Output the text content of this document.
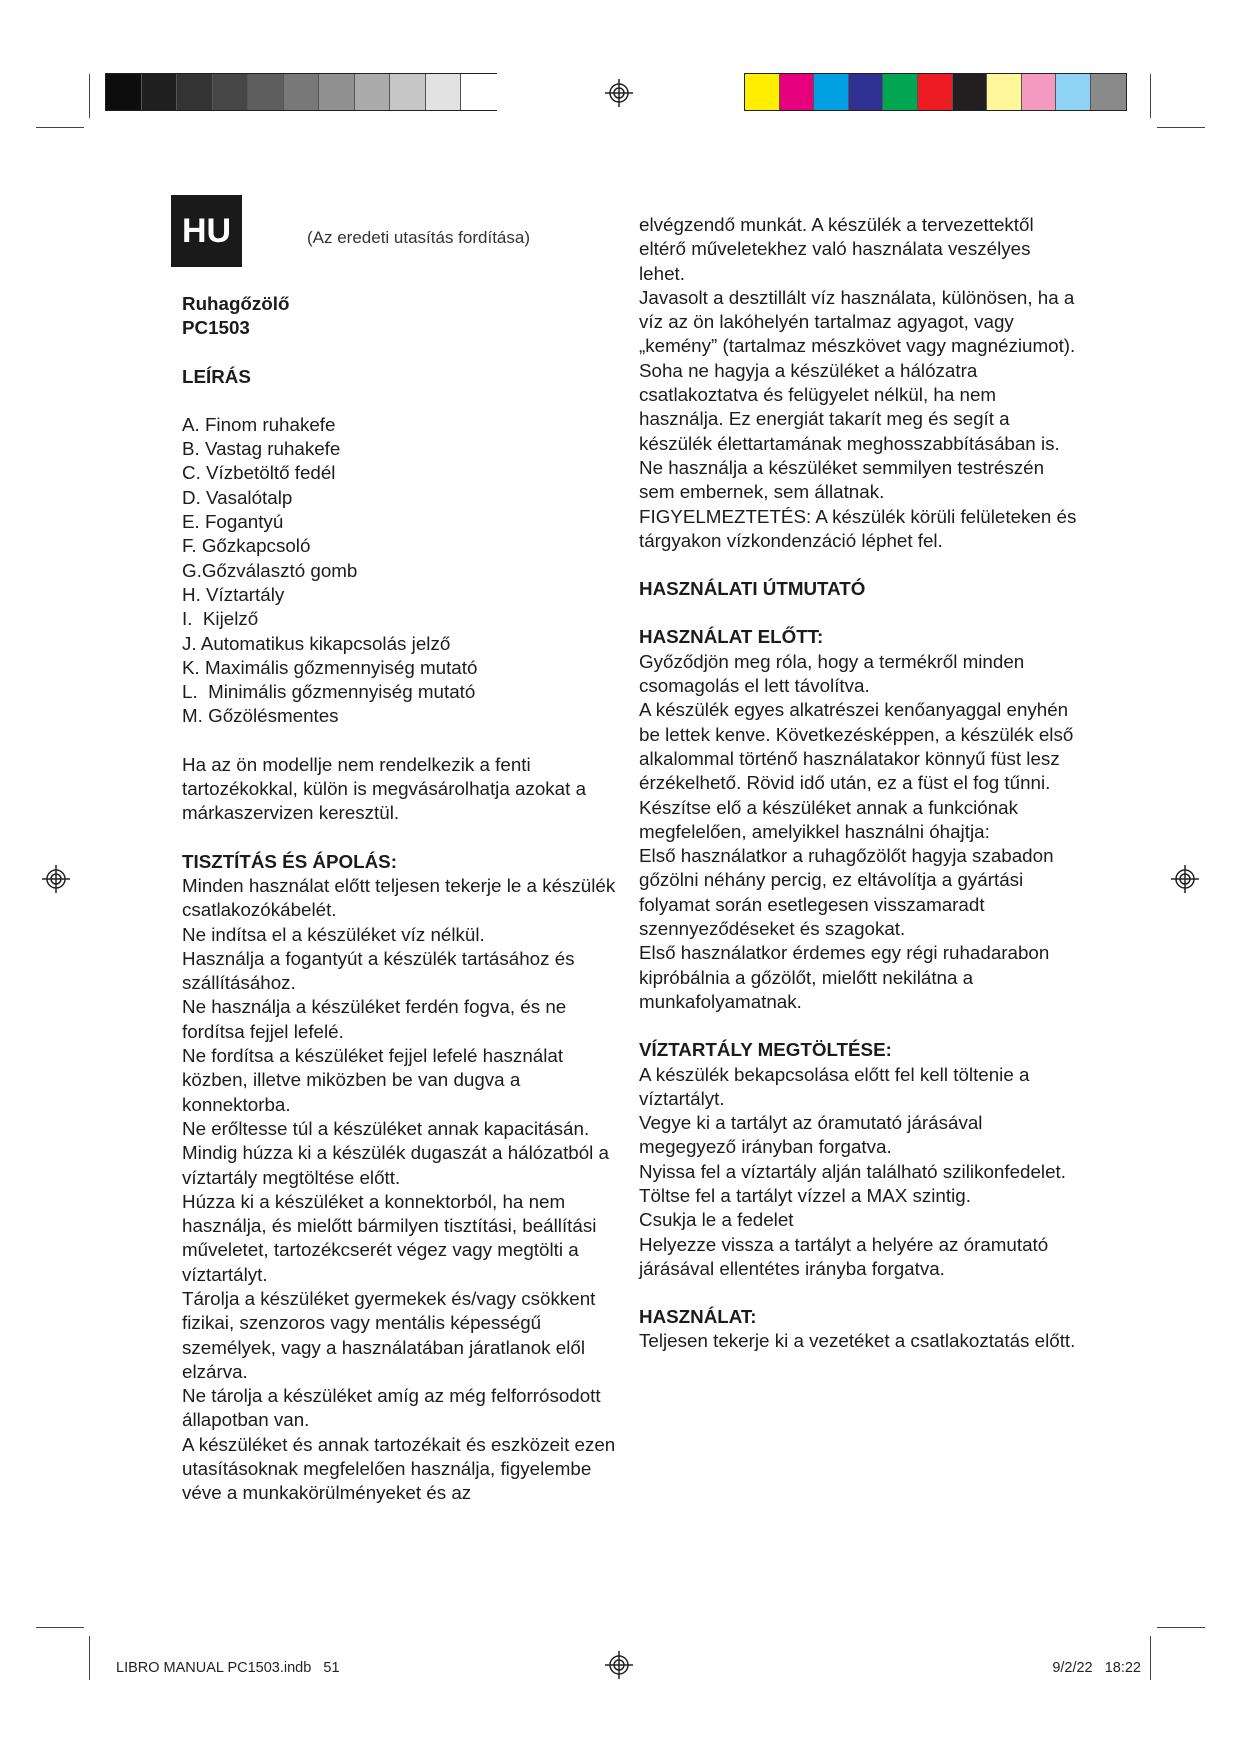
HU	(Az eredeti utasítás fordítása)
Ruhagőzölő
PC1503
LEÍRÁS
A. Finom ruhakefe
B. Vastag ruhakefe
C. Vízbetöltő fedél
D. Vasalótalp
E. Fogantyú
F. Gőzkapcsoló
G.Gőzválasztó gomb
H. Víztartály
I.  Kijelző
J. Automatikus kikapcsolás jelző
K. Maximális gőzmennyiség mutató
L.  Minimális gőzmennyiség mutató
M. Gőzölésmentes

Ha az ön modellje nem rendelkezik a fenti tartozékokkal, külön is megvásárolhatja azokat a márkaszervizen keresztül.

TISZTÍTÁS ÉS ÁPOLÁS:

Minden használat előtt teljesen tekerje le a készülék csatlakozókábelét.

Ne indítsa el a készüléket víz nélkül.

Használja a fogantyút a készülék tartásához és szállításához.

Ne használja a készüléket ferdén fogva, és ne fordítsa fejjel lefelé.

Ne fordítsa a készüléket fejjel lefelé használat közben, illetve miközben be van dugva a konnektorba.

Ne erőltesse túl a készüléket annak kapacitásán.

Mindig húzza ki a készülék dugaszát a hálózatból a víztartály megtöltése előtt.

Húzza ki a készüléket a konnektorból, ha nem használja, és mielőtt bármilyen tisztítási, beállítási műveletet, tartozékcserét végez vagy megtölti a víztartályt.

Tárolja a készüléket gyermekek és/vagy csökkent fizikai, szenzoros vagy mentális képességű személyek, vagy a használatában járatlanok elől elzárva.

Ne tárolja a készüléket amíg az még felforrósodott állapotban van.

A készüléket és annak tartozékait és eszközeit ezen utasításoknak megfelelően használja, figyelembe véve a munkakörülményeket és az

elvégzendő munkát. A készülék a tervezettektől eltérő műveletekhez való használata veszélyes lehet.

Javasolt a desztillált víz használata, különösen, ha a víz az ön lakóhelyén tartalmaz agyagot, vagy „kemény” (tartalmaz mészkövet vagy magnéziumot).

Soha ne hagyja a készüléket a hálózatra csatlakoztatva és felügyelet nélkül, ha nem használja. Ez energiát takarít meg és segít a készülék élettartamának meghosszabbításában is.

Ne használja a készüléket semmilyen testrészén sem embernek, sem állatnak.

FIGYELMEZTETÉS: A készülék körüli felületeken és tárgyakon vízkondenzáció léphet fel.

HASZNÁLATI ÚTMUTATÓ
HASZNÁLAT ELŐTT:

Győződjön meg róla, hogy a termékről minden csomagolás el lett távolítva.

A készülék egyes alkatrészei kenőanyaggal enyhén be lettek kenve. Következésképpen, a készülék első alkalommal történő használatakor könnyű füst lesz érzékelhető. Rövid idő után, ez a füst el fog tűnni.

Készítse elő a készüléket annak a funkciónak megfelelően, amelyikkel használni óhajtja:

Első használatkor a ruhagőzölőt hagyja szabadon gőzölni néhány percig, ez eltávolítja a gyártási folyamat során esetlegesen visszamaradt szennyeződéseket és szagokat.

Első használatkor érdemes egy régi ruhadarabon kipróbálnia a gőzölőt, mielőtt nekilátna a munkafolyamatnak.

VÍZTARTÁLY MEGTÖLTÉSE:

A készülék bekapcsolása előtt fel kell töltenie a víztartályt.

Vegye ki a tartályt az óramutató járásával megegyező irányban forgatva.

Nyissa fel a víztartály alján található szilikonfedelet.

Töltse fel a tartályt vízzel a MAX szintig.

Csukja le a fedelet

Helyezze vissza a tartályt a helyére az óramutató járásával ellentétes irányba forgatva.

HASZNÁLAT:

Teljesen tekerje ki a vezetéket a csatlakoztatás előtt.

LIBRO MANUAL PC1503.indb   51	9/2/22   18:22
